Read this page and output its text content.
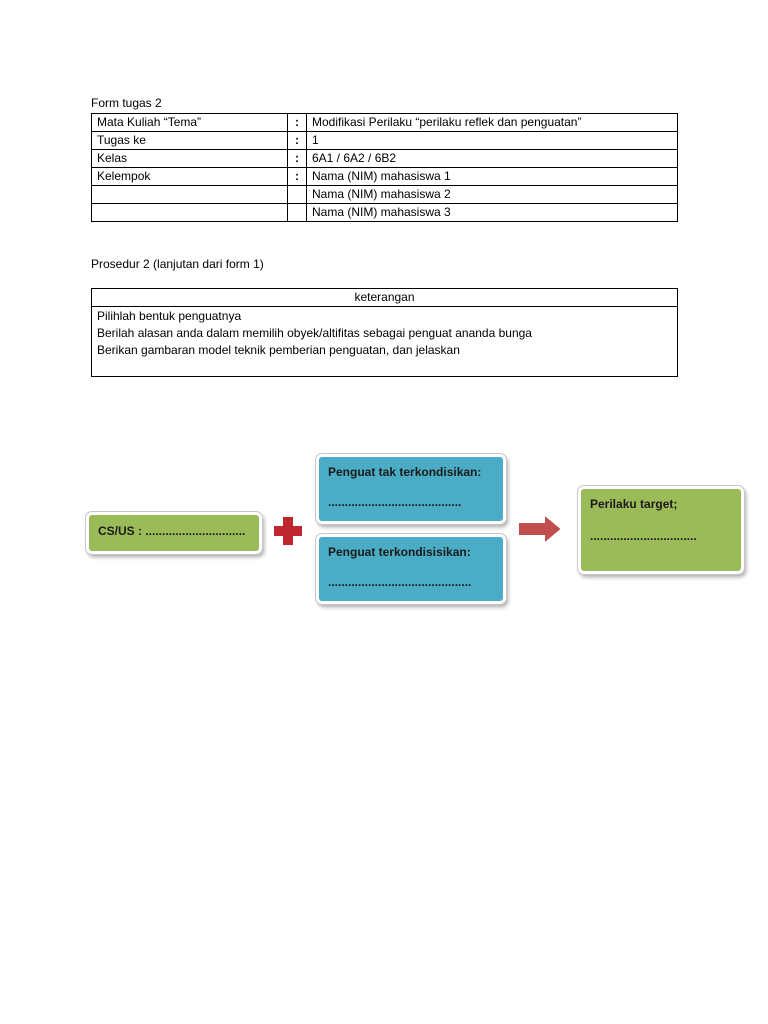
Form tugas 2
Mata Kuliah “Tema”	:	Modifikasi Perilaku “perilaku reflek dan penguatan”
Tugas ke	:	1
Kelas	:	6A1 / 6A2 / 6B2
Kelempok	:	Nama (NIM) mahasiswa 1
		Nama (NIM) mahasiswa 2
		Nama (NIM) mahasiswa 3
Prosedur 2 (lanjutan dari form 1)
keterangan

Pilihlah bentuk penguatnya
Berilah alasan anda dalam memilih obyek/altifitas sebagai penguat ananda bunga
Berikan gambaran model teknik pemberian penguatan, dan jelaskan
CS/US : ..............................
Penguat tak terkondisikan:
........................................
Penguat terkondisisikan:
...........................................
Perilaku target;
................................
